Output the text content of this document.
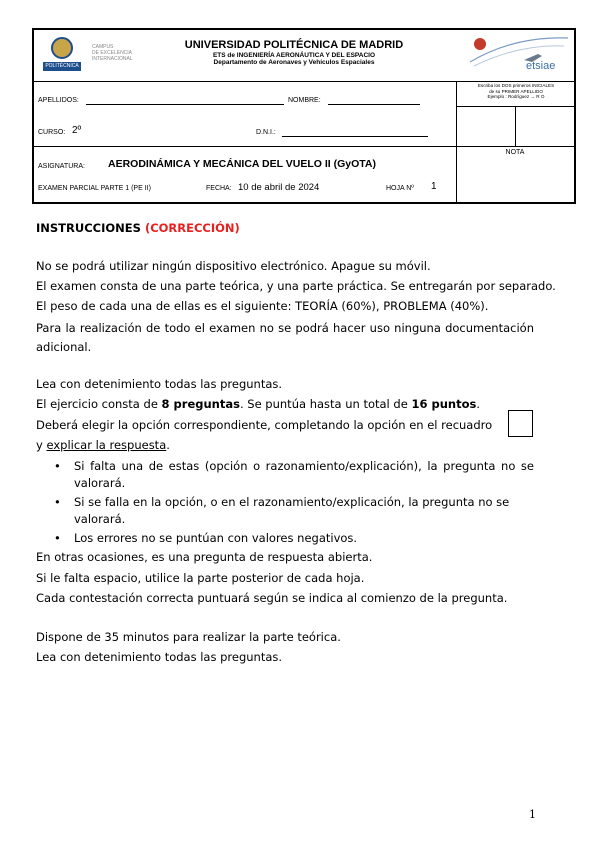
POLITÉCNICA
CAMPUS
DE EXCELENCIA
INTERNACIONAL
UNIVERSIDAD POLITÉCNICA DE MADRID
ETS de INGENIERÍA AERONÁUTICA Y DEL ESPACIO
Departamento de Aeronaves y Vehículos Espaciales	etsiae
Escriba los DOS primeros INICIALES
de su PRIMER APELLIDO
Ejemplo : Rodríguez → R O
APELLIDOS:	NOMBRE:
CURSO: 2º	D.N.I.:
NOTA
ASIGNATURA: AERODINÁMICA Y MECÁNICA DEL VUELO II (GyOTA)
EXAMEN PARCIAL PARTE 1 (PE II)	FECHA: 10 de abril de 2024	HOJA Nº 1
INSTRUCCIONES (CORRECCIÓN)
No se podrá utilizar ningún dispositivo electrónico. Apague su móvil.
El examen consta de una parte teórica, y una parte práctica. Se entregarán por separado.
El peso de cada una de ellas es el siguiente: TEORÍA (60%), PROBLEMA (40%).
Para la realización de todo el examen no se podrá hacer uso ninguna documentación adicional.
Lea con detenimiento todas las preguntas.
El ejercicio consta de 8 preguntas. Se puntúa hasta un total de 16 puntos.
Deberá elegir la opción correspondiente, completando la opción en el recuadro
y explicar la respuesta.
• Si falta una de estas (opción o razonamiento/explicación), la pregunta no se valorará.
• Si se falla en la opción, o en el razonamiento/explicación, la pregunta no se valorará.
• Los errores no se puntúan con valores negativos.
En otras ocasiones, es una pregunta de respuesta abierta.
Si le falta espacio, utilice la parte posterior de cada hoja.
Cada contestación correcta puntuará según se indica al comienzo de la pregunta.
Dispone de 35 minutos para realizar la parte teórica.
Lea con detenimiento todas las preguntas.
1
